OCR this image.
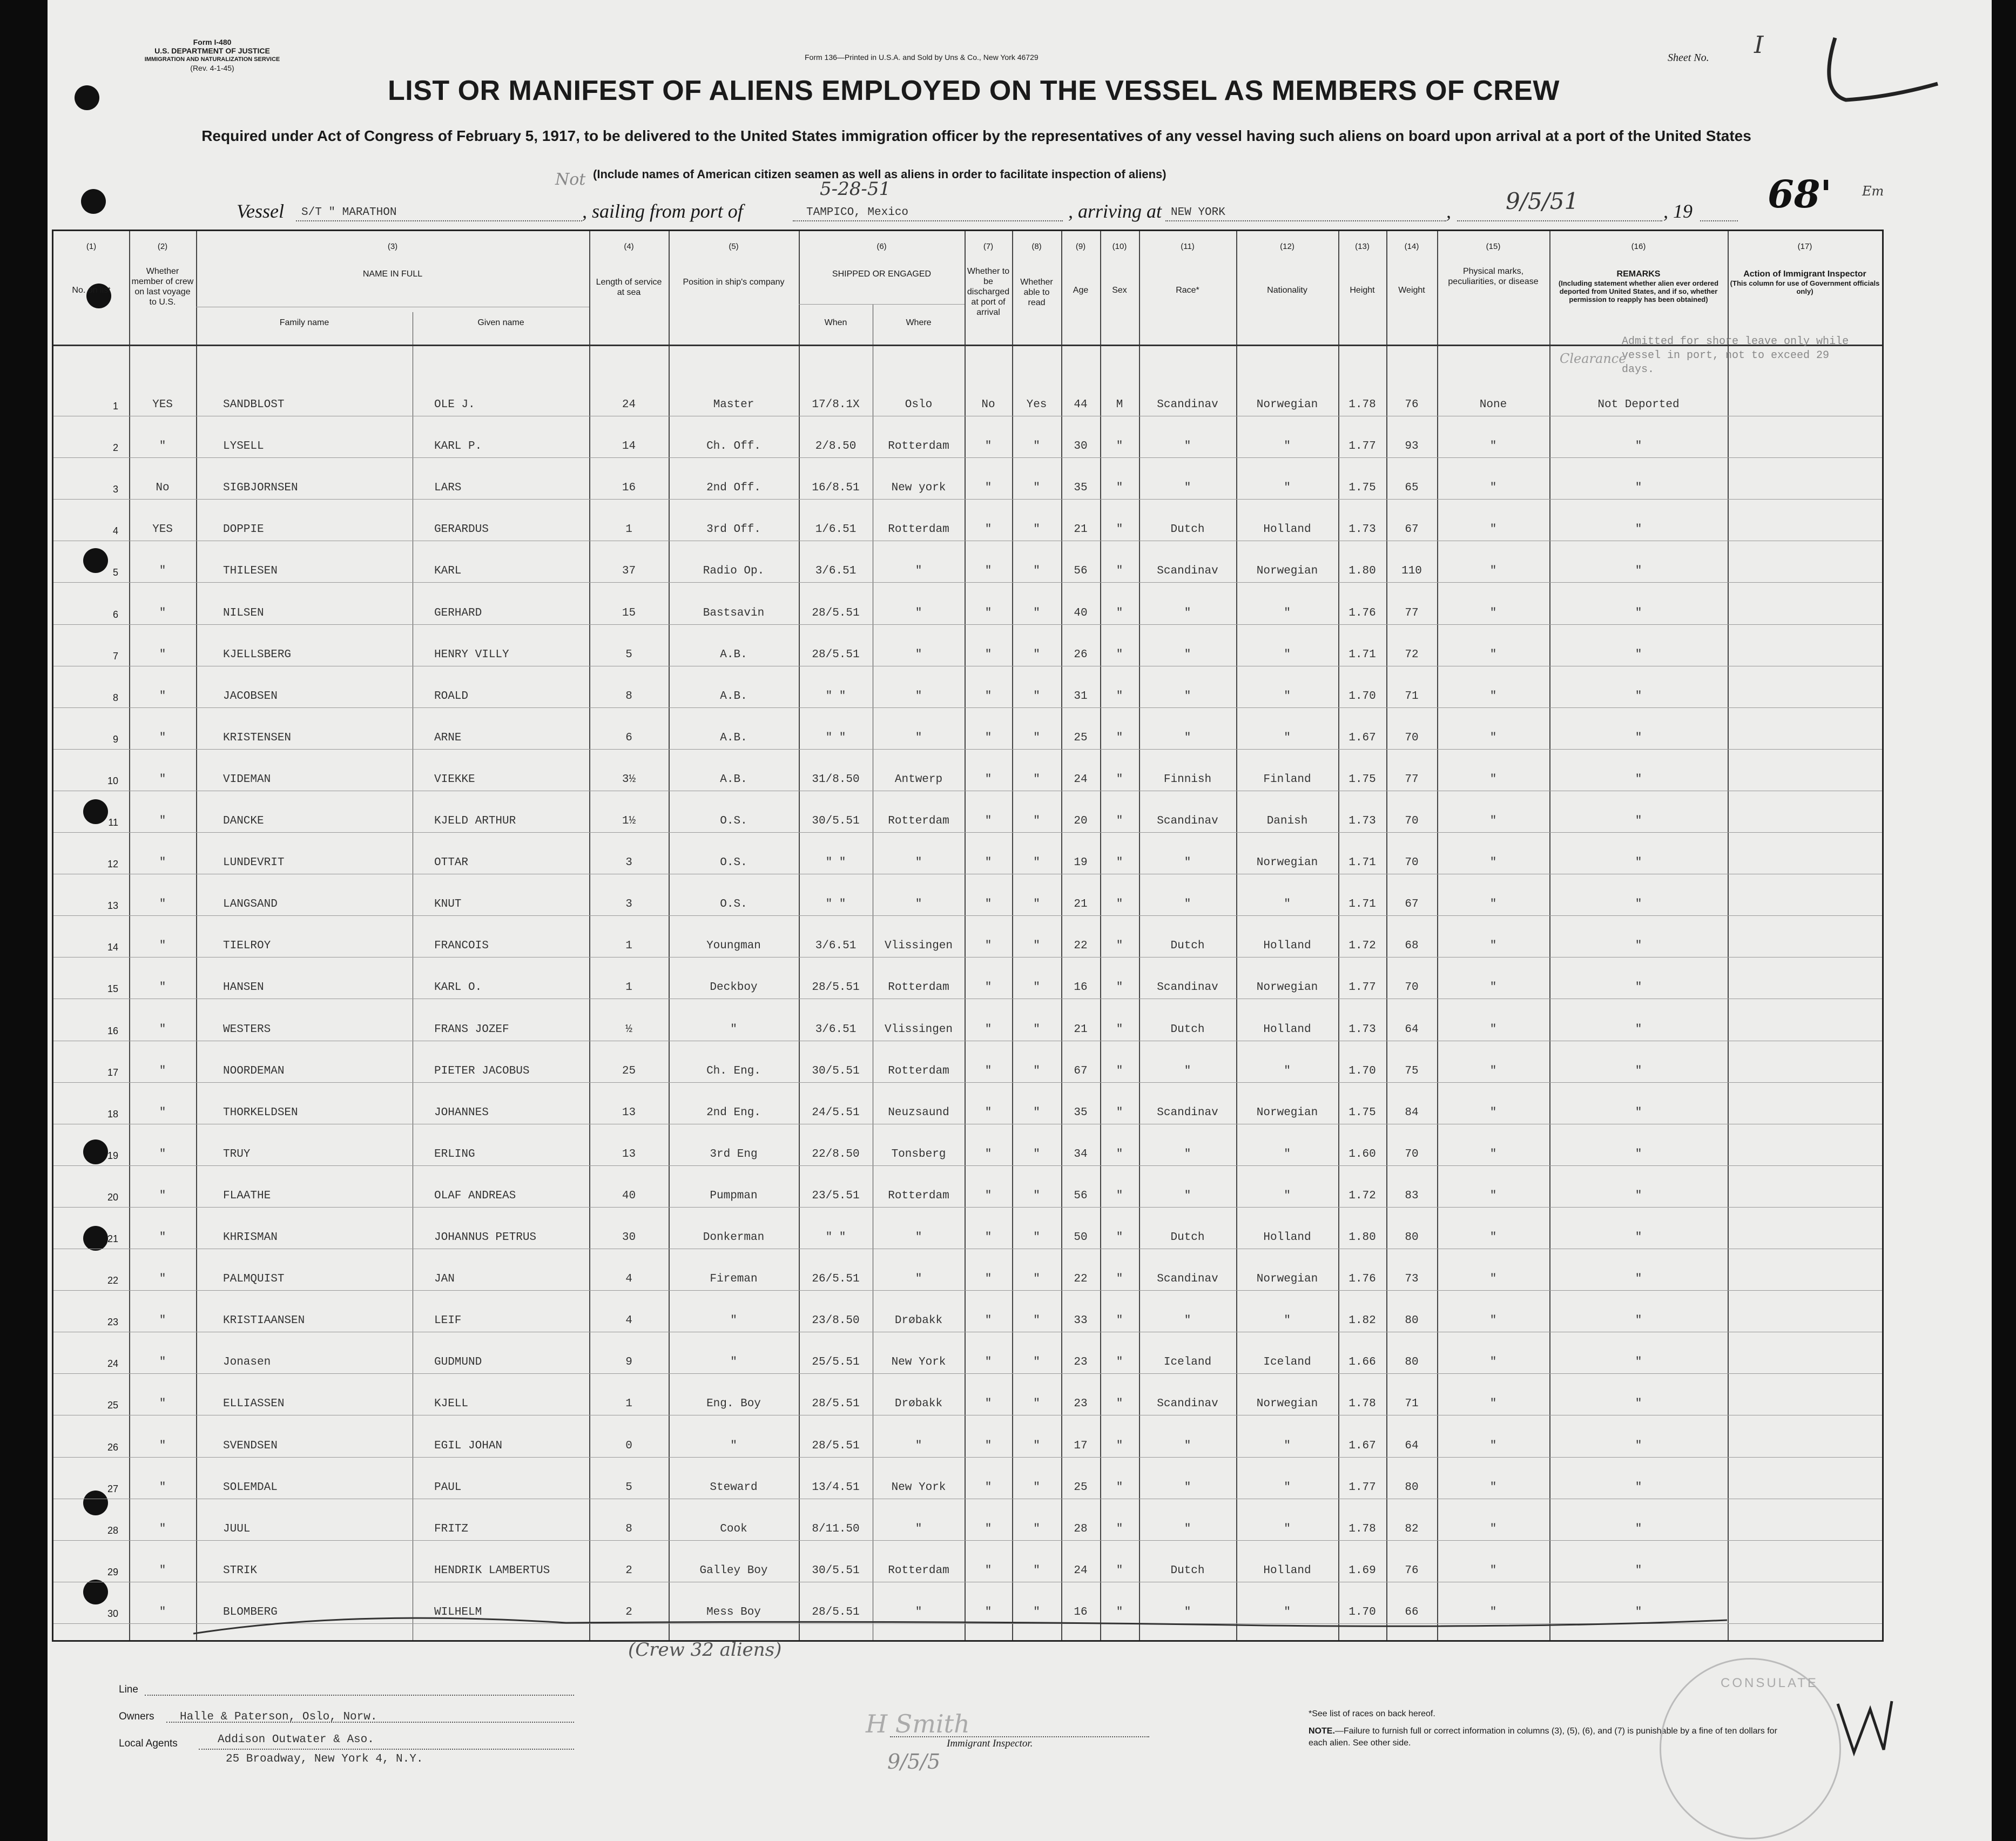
Form I-480
U.S. DEPARTMENT OF JUSTICE
IMMIGRATION AND NATURALIZATION SERVICE
(Rev. 4-1-45)
Form 136—Printed in U.S.A. and Sold by Uns & Co., New York 46729	Sheet No. I
LIST OR MANIFEST OF ALIENS EMPLOYED ON THE VESSEL AS MEMBERS OF CREW
Required under Act of Congress of February 5, 1917, to be delivered to the United States immigration officer by the representatives of any vessel having such aliens on board upon arrival at a port of the United States
(Include names of American citizen seamen as well as aliens in order to facilitate inspection of aliens)
Vessel S/T " MARATHON	, sailing from port of	TAMPICO, Mexico
5-28-51
Not
, arriving at NEW YORK	, 9/5/51	, 19 68' Em
(1)	(2)	(3)	(4)	(5)	(6)	(7)	(8)	(9)	(10)	(11)	(12)	(13)	(14)	(15)	(16)	(17)
No. on list
Whether member of crew on last voyage to U.S.
Family name	Given name
NAME IN FULL
Length of service at sea
Position in ship's company
When	Where
SHIPPED OR ENGAGED	Whether to be discharged at port of arrival
Whether able to read
Age	Sex	Race*	Nationality	Height	Weight
Physical marks, peculiarities, or disease
REMARKS
(Including statement whether alien ever ordered deported from United States, and if so, whether permission to reapply has been obtained)
Action of Immigrant Inspector
(This column for use of Government officials only)
1	YES	SANDBLOST	OLE J.	24	Master	17/8.1X	Oslo	No	Yes	44	M	Scandinav	Norwegian	1.78	76	None	Not Deported
2	"	LYSELL	KARL P.	14	Ch. Off.	2/8.50	Rotterdam	"	"	30	"	"	"	1.77	93	"	"
3	No	SIGBJORNSEN	LARS	16	2nd Off.	16/8.51	New york	"	"	35	"	"	"	1.75	65	"	"
4	YES	DOPPIE	GERARDUS	1	3rd Off.	1/6.51	Rotterdam	"	"	21	"	Dutch	Holland	1.73	67	"	"
5	"	THILESEN	KARL	37	Radio Op.	3/6.51	"	"	"	56	"	Scandinav	Norwegian	1.80	110	"	"
6	"	NILSEN	GERHARD	15	Bastsavin	28/5.51	"	"	"	40	"	"	"	1.76	77	"	"
7	"	KJELLSBERG	HENRY VILLY	5	A.B.	28/5.51	"	"	"	26	"	"	"	1.71	72	"	"
8	"	JACOBSEN	ROALD	8	A.B.	" "	"	"	"	31	"	"	"	1.70	71	"	"
9	"	KRISTENSEN	ARNE	6	A.B.	" "	"	"	"	25	"	"	"	1.67	70	"	"
10	"	VIDEMAN	VIEKKE	3½	A.B.	31/8.50	Antwerp	"	"	24	"	Finnish	Finland	1.75	77	"	"
11	"	DANCKE	KJELD ARTHUR	1½	O.S.	30/5.51	Rotterdam	"	"	20	"	Scandinav	Danish	1.73	70	"	"
12	"	LUNDEVRIT	OTTAR	3	O.S.	" "	"	"	"	19	"	"	Norwegian	1.71	70	"	"
13	"	LANGSAND	KNUT	3	O.S.	" "	"	"	"	21	"	"	"	1.71	67	"	"
14	"	TIELROY	FRANCOIS	1	Youngman	3/6.51	Vlissingen	"	"	22	"	Dutch	Holland	1.72	68	"	"
15	"	HANSEN	KARL O.	1	Deckboy	28/5.51	Rotterdam	"	"	16	"	Scandinav	Norwegian	1.77	70	"	"
16	"	WESTERS	FRANS JOZEF	½	"	3/6.51	Vlissingen	"	"	21	"	Dutch	Holland	1.73	64	"	"
17	"	NOORDEMAN	PIETER JACOBUS	25	Ch. Eng.	30/5.51	Rotterdam	"	"	67	"	"	"	1.70	75	"	"
18	"	THORKELDSEN	JOHANNES	13	2nd Eng.	24/5.51	Neuzsaund	"	"	35	"	Scandinav	Norwegian	1.75	84	"	"
19	"	TRUY	ERLING	13	3rd Eng	22/8.50	Tonsberg	"	"	34	"	"	"	1.60	70	"	"
20	"	FLAATHE	OLAF ANDREAS	40	Pumpman	23/5.51	Rotterdam	"	"	56	"	"	"	1.72	83	"	"
21	"	KHRISMAN	JOHANNUS PETRUS	30	Donkerman	" "	"	"	"	50	"	Dutch	Holland	1.80	80	"	"
22	"	PALMQUIST	JAN	4	Fireman	26/5.51	"	"	"	22	"	Scandinav	Norwegian	1.76	73	"	"
23	"	KRISTIAANSEN	LEIF	4	"	23/8.50	Drøbakk	"	"	33	"	"	"	1.82	80	"	"
24	"	Jonasen	GUDMUND	9	"	25/5.51	New York	"	"	23	"	Iceland	Iceland	1.66	80	"	"
25	"	ELLIASSEN	KJELL	1	Eng. Boy	28/5.51	Drøbakk	"	"	23	"	Scandinav	Norwegian	1.78	71	"	"
26	"	SVENDSEN	EGIL JOHAN	0	"	28/5.51	"	"	"	17	"	"	"	1.67	64	"	"
27	"	SOLEMDAL	PAUL	5	Steward	13/4.51	New York	"	"	25	"	"	"	1.77	80	"	"
28	"	JUUL	FRITZ	8	Cook	8/11.50	"	"	"	28	"	"	"	1.78	82	"	"
29	"	STRIK	HENDRIK LAMBERTUS	2	Galley Boy	30/5.51	Rotterdam	"	"	24	"	Dutch	Holland	1.69	76	"	"
30	"	BLOMBERG	WILHELM	2	Mess Boy	28/5.51	"	"	"	16	"	"	"	1.70	66	"	"
Admitted for shore leave only while vessel in port, not to exceed 29 days.
Clearance
(Crew 32 aliens)
Line
Owners Halle & Paterson, Oslo, Norw.
Local Agents	Addison Outwater & Aso.
25 Broadway, New York 4, N.Y.
H Smith
Immigrant Inspector.
9/5/5
*See list of races on back hereof.
NOTE.—Failure to furnish full or correct information in columns (3), (5), (6), and (7) is punishable by a fine of ten dollars for each alien. See other side.
CONSULATE
